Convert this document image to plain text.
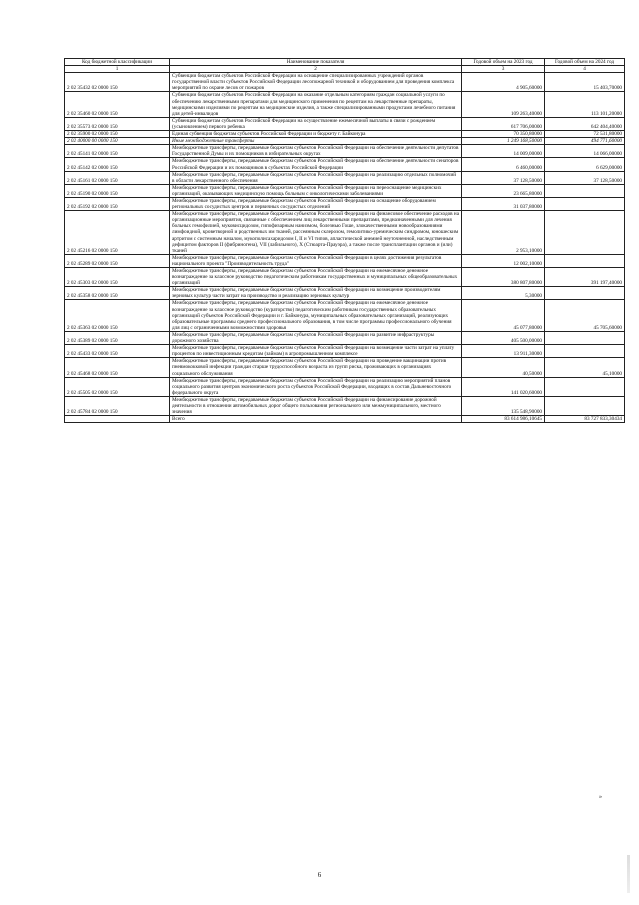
Код бюджетной классификации	Наименование показателя	Годовой объем на 2023 год	Годовой объем на 2024 год
1	2	3	4
2 02 35432 02 0000 150	Субвенции бюджетам субъектов Российской Федерации на оснащение специализированных учреждений органов государственной власти субъектов Российской Федерации лесопожарной техникой и оборудованием для проведения комплекса мероприятий по охране лесов от пожаров	4 905,60000	15 403,70000
2 02 35460 02 0000 150	Субвенции бюджетам субъектов Российской Федерации на оказание отдельным категориям граждан социальной услуги по обеспечению лекарственными препаратами для медицинского применения по рецептам на лекарственные препараты, медицинскими изделиями по рецептам на медицинские изделия, а также специализированными продуктами лечебного питания для детей-инвалидов	109 263,40000	113 101,20000
2 02 35573 02 0000 150	Субвенции бюджетам субъектов Российской Федерации на осуществление ежемесячной выплаты в связи с рождением (усыновлением) первого ребенка	617 706,00000	642 404,40000
2 02 35900 02 0000 150	Единая субвенция бюджетам субъектов Российской Федерации и бюджету г. Байконура	70 350,80000	72 531,80000
2 02 40000 00 0000 150	Иные межбюджетные трансферты	1 249 168,50000	494 771,60000
2 02 45141 02 0000 150	Межбюджетные трансферты, передаваемые бюджетам субъектов Российской Федерации на обеспечение деятельности депутатов Государственной Думы и их помощников в избирательных округах	14 009,00000	14 066,00000
2 02 45142 02 0000 150	Межбюджетные трансферты, передаваемые бюджетам субъектов Российской Федерации на обеспечение деятельности сенаторов Российской Федерации и их помощников в субъектах Российской Федерации	6 460,00000	6 629,00000
2 02 45161 02 0000 150	Межбюджетные трансферты, передаваемые бюджетам субъектов Российской Федерации на реализацию отдельных полномочий в области лекарственного обеспечения	37 128,50000	37 128,50000
2 02 45190 02 0000 150	Межбюджетные трансферты, передаваемые бюджетам субъектов Российской Федерации на переоснащение медицинских организаций, оказывающих медицинскую помощь больным с онкологическими заболеваниями	23 665,80000	
2 02 45192 02 0000 150	Межбюджетные трансферты, передаваемые бюджетам субъектов Российской Федерации на оснащение оборудованием региональных сосудистых центров и первичных сосудистых отделений	31 037,80000	
2 02 45216 02 0000 150	Межбюджетные трансферты, передаваемые бюджетам субъектов Российской Федерации на финансовое обеспечение расходов на организационные мероприятия, связанные с обеспечением лиц лекарственными препаратами, предназначенными для лечения больных гемофилией, муковисцидозом, гипофизарным нанизмом, болезнью Гоше, злокачественными новообразованиями лимфоидной, кроветворной и родственных им тканей, рассеянным склерозом, гемолитико-уремическим синдромом, юношеским артритом с системным началом, мукополисахаридозом I, II и VI типов, апластической анемией неуточненной, наследственным дефицитом факторов II (фибриногена), VII (лабильного), X (Стюарта-Прауэра), а также после трансплантации органов и (или) тканей	2 953,10000	
2 02 45289 02 0000 150	Межбюджетные трансферты, передаваемые бюджетам субъектов Российской Федерации в целях достижения результатов национального проекта "Производительность труда"	12 002,10000	
2 02 45303 02 0000 150	Межбюджетные трансферты, передаваемые бюджетам субъектов Российской Федерации на ежемесячное денежное вознаграждение за классное руководство педагогическим работникам государственных и муниципальных общеобразовательных организаций	380 807,80000	391 197,40000
2 02 45358 02 0000 150	Межбюджетные трансферты, передаваемые бюджетам субъектов Российской Федерации на возмещение производителям зерновых культур части затрат на производство и реализацию зерновых культур	5,30000	
2 02 45363 02 0000 150	Межбюджетные трансферты, передаваемые бюджетам субъектов Российской Федерации на ежемесячное денежное вознаграждение за классное руководство (кураторство) педагогическим работникам государственных образовательных организаций субъектов Российской Федерации и г. Байконура, муниципальных образовательных организаций, реализующих образовательные программы среднего профессионального образования, в том числе программы профессионального обучения для лиц с ограниченными возможностями здоровья	45 077,80000	45 705,60000
2 02 45389 02 0000 150	Межбюджетные трансферты, передаваемые бюджетам субъектов Российской Федерации на развитие инфраструктуры дорожного хозяйства	405 500,00000	
2 02 45433 02 0000 150	Межбюджетные трансферты, передаваемые бюджетам субъектов Российской Федерации на возмещение части затрат на уплату процентов по инвестиционным кредитам (займам) в агропромышленном комплексе	13 911,30000	
2 02 45468 02 0000 150	Межбюджетные трансферты, передаваемые бюджетам субъектов Российской Федерации на проведение вакцинации против пневмококковой инфекции граждан старше трудоспособного возраста из групп риска, проживающих в организациях социального обслуживания	40,50000	45,10000
2 02 45505 02 0000 150	Межбюджетные трансферты, передаваемые бюджетам субъектов Российской Федерации на реализацию мероприятий планов социального развития центров экономического роста субъектов Российской Федерации, входящих в состав Дальневосточного федерального округа	141 020,60000	
2 02 45784 02 0000 150	Межбюджетные трансферты, передаваемые бюджетам субъектов Российской Федерации на финансирование дорожной деятельности в отношении автомобильных дорог общего пользования регионального или межмуниципального, местного значения	135 548,90000	
	Всего	83 614 986,10645	83 727 833,30434
»
6
